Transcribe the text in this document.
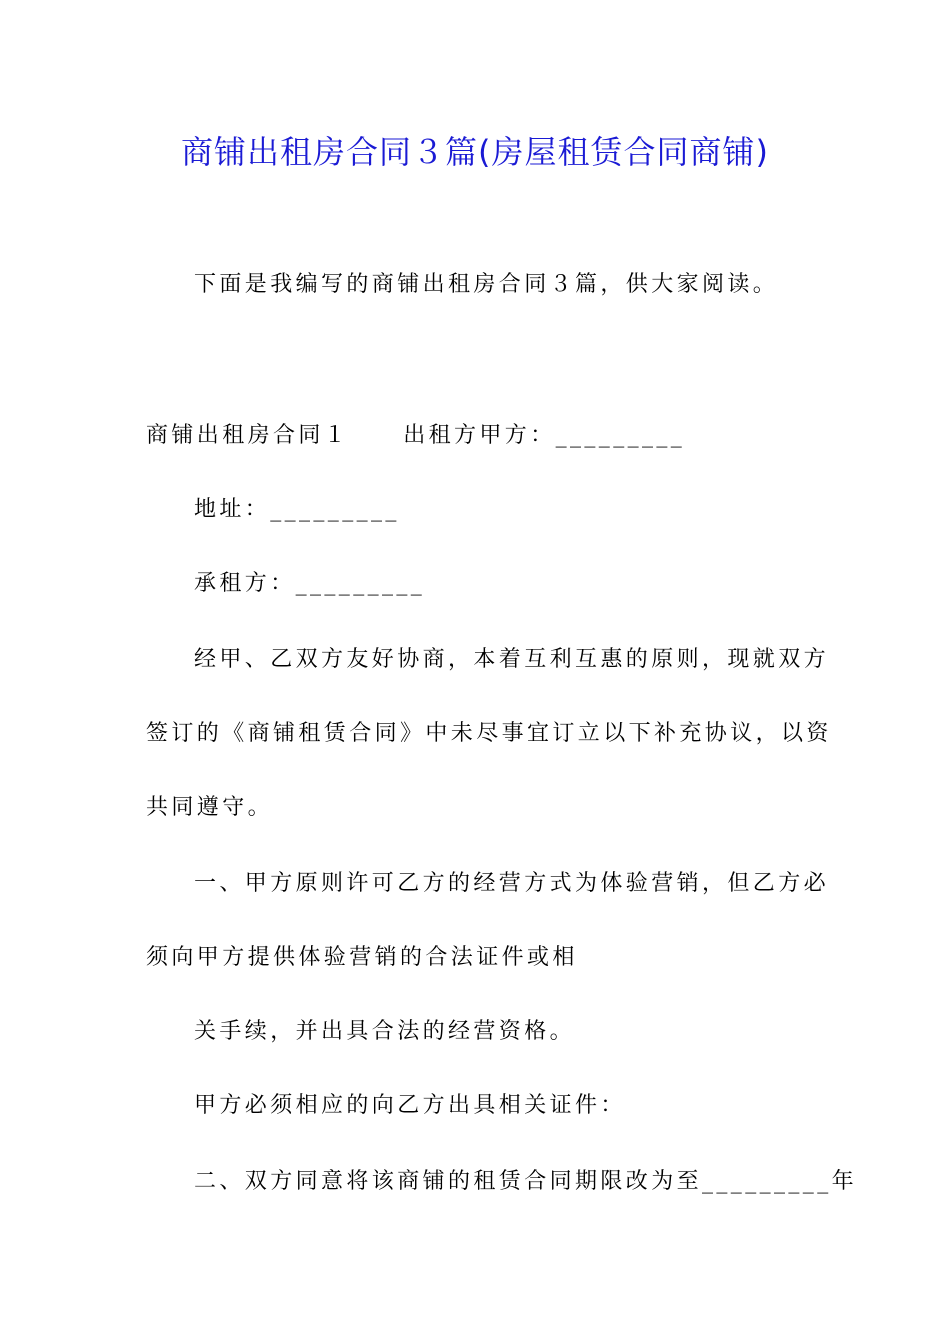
商铺出租房合同３篇(房屋租赁合同商铺)
下面是我编写的商铺出租房合同３篇，供大家阅读。
商铺出租房合同１ 出租方甲方：_________
地址：_________
承租方：_________
经甲、乙双方友好协商，本着互利互惠的原则，现就双方
签订的《商铺租赁合同》中未尽事宜订立以下补充协议，以资
共同遵守。
一、甲方原则许可乙方的经营方式为体验营销，但乙方必
须向甲方提供体验营销的合法证件或相
关手续，并出具合法的经营资格。
甲方必须相应的向乙方出具相关证件：
二、双方同意将该商铺的租赁合同期限改为至_________年
